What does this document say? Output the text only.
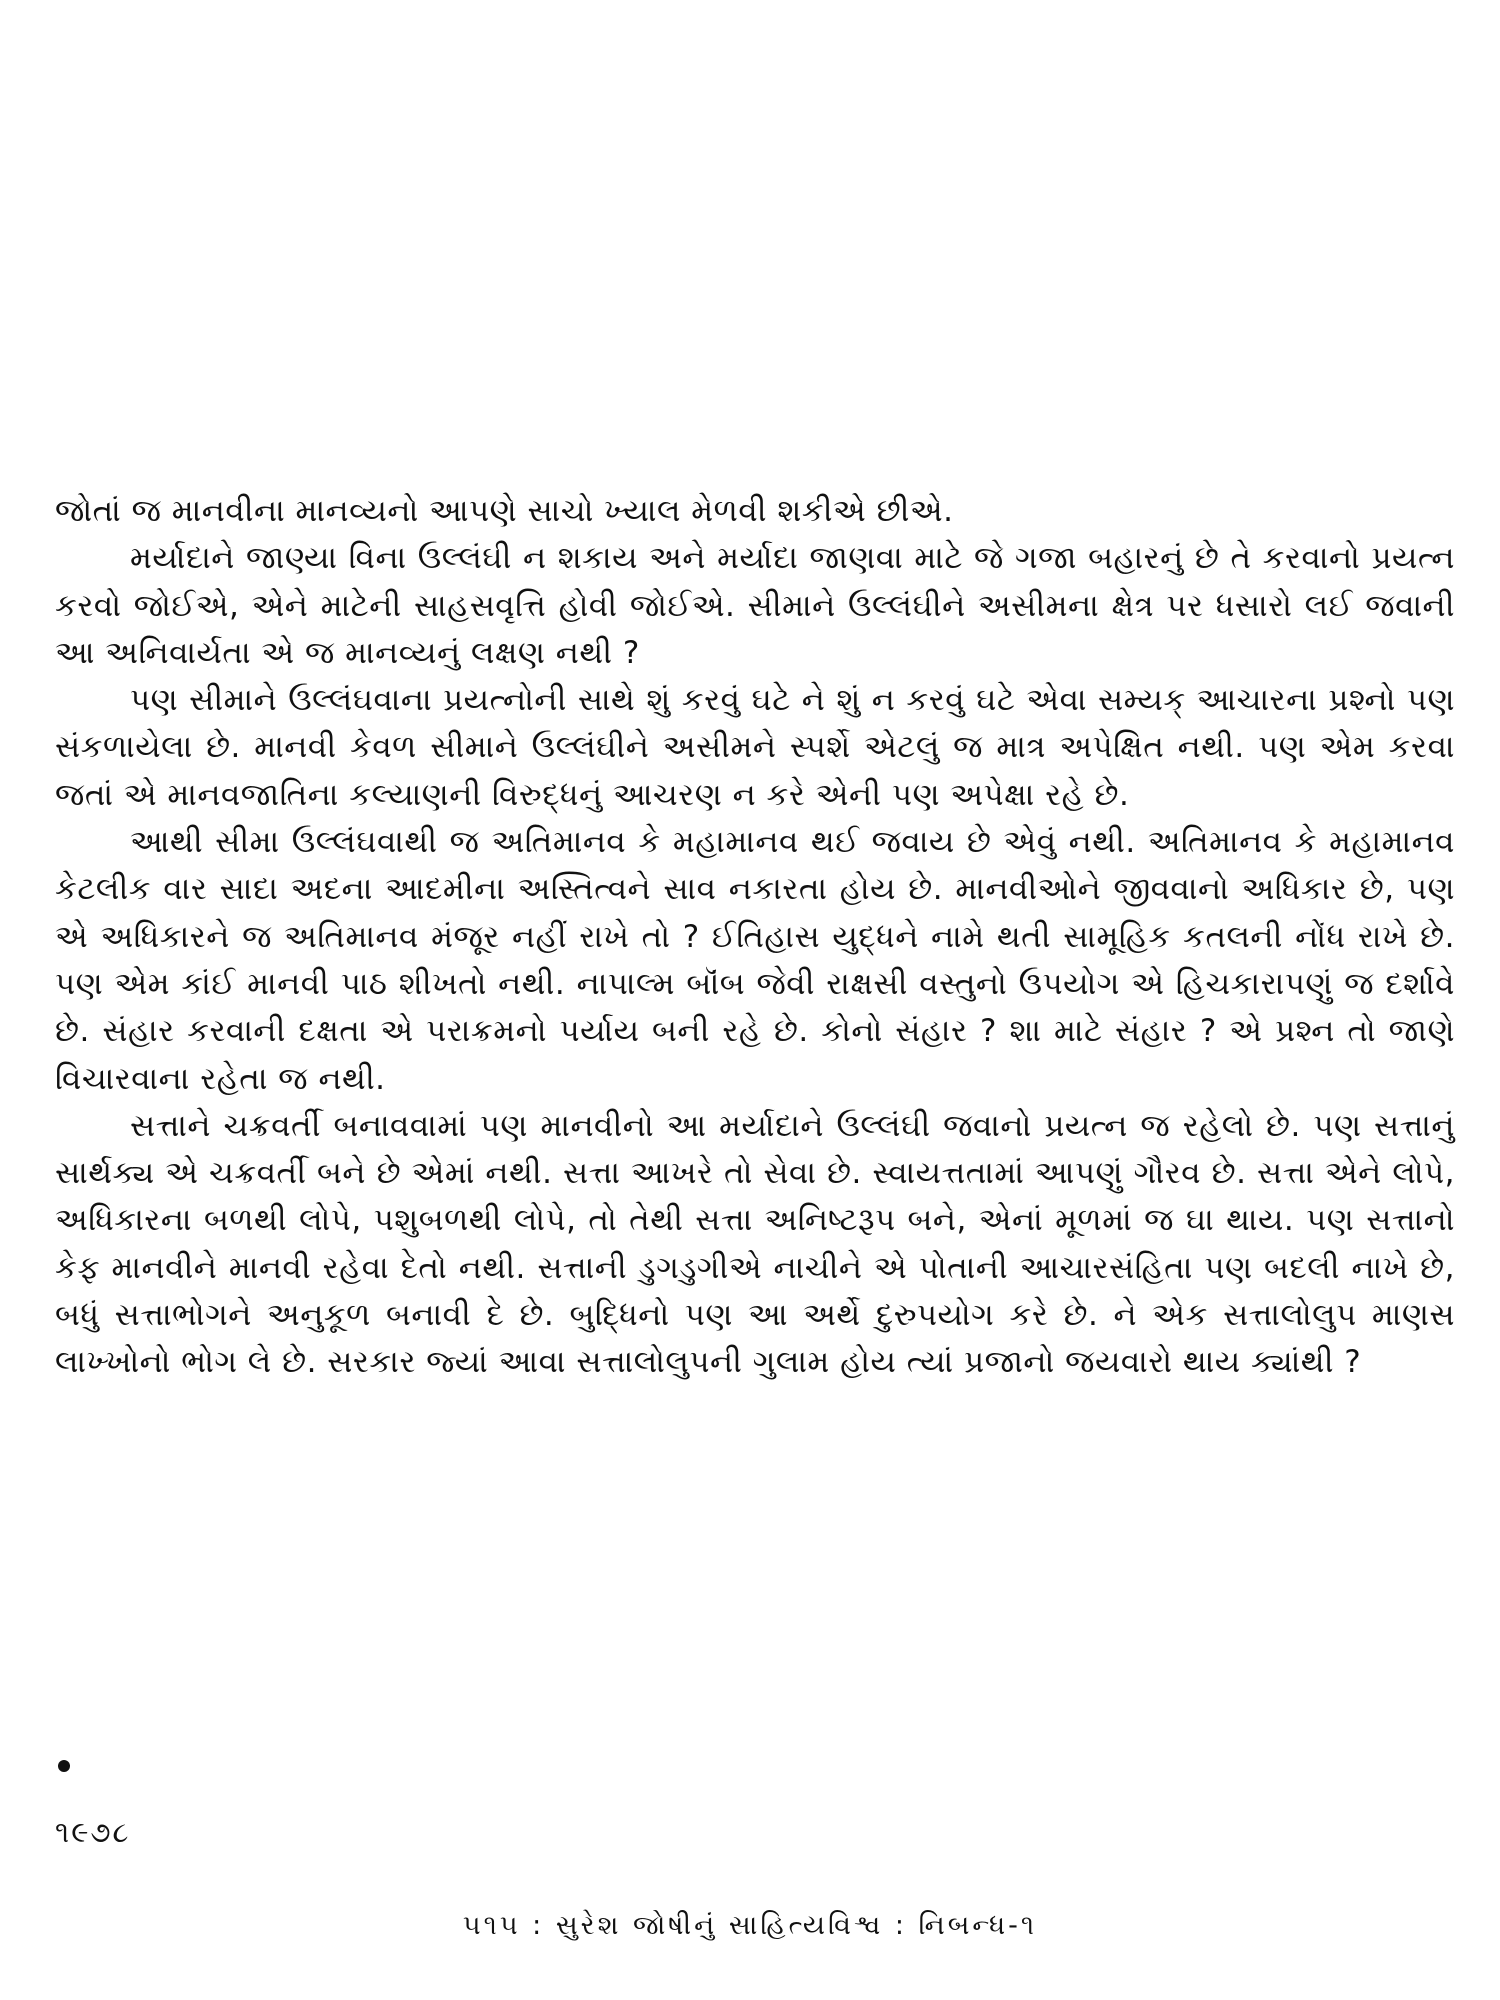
જોતાં જ માનવીના માનવ્યનો આપણે સાચો ખ્યાલ મેળવી શકીએ છીએ.

મર્યાદાને જાણ્યા વિના ઉલ્લંઘી ન શકાય અને મર્યાદા જાણવા માટે જે ગજા બહારનું છે તે કરવાનો પ્રયત્ન કરવો જોઈએ, એને માટેની સાહસવૃત્તિ હોવી જોઈએ. સીમાને ઉલ્લંઘીને અસીમના ક્ષેત્ર પર ધસારો લઈ જવાની આ અનિવાર્યતા એ જ માનવ્યનું લક્ષણ નથી ?

પણ સીમાને ઉલ્લંઘવાના પ્રયત્નોની સાથે શું કરવું ઘટે ને શું ન કરવું ઘટે એવા સમ્યક્ આચારના પ્રશ્નો પણ સંકળાયેલા છે. માનવી કેવળ સીમાને ઉલ્લંઘીને અસીમને સ્પર્શે એટલું જ માત્ર અપેક્ષિત નથી. પણ એમ કરવા જતાં એ માનવજાતિના કલ્યાણની વિરુદ્ધનું આચરણ ન કરે એની પણ અપેક્ષા રહે છે.

આથી સીમા ઉલ્લંઘવાથી જ અતિમાનવ કે મહામાનવ થઈ જવાય છે એવું નથી. અતિમાનવ કે મહામાનવ કેટલીક વાર સાદા અદના આદમીના અસ્તિત્વને સાવ નકારતા હોય છે. માનવીઓને જીવવાનો અધિકાર છે, પણ એ અધિકારને જ અતિમાનવ મંજૂર નહીં રાખે તો ? ઈતિહાસ યુદ્ધને નામે થતી સામૂહિક કતલની નોંધ રાખે છે. પણ એમ કાંઈ માનવી પાઠ શીખતો નથી. નાપાલ્મ બૉંબ જેવી રાક્ષસી વસ્તુનો ઉપયોગ એ હિચકારાપણું જ દર્શાવે છે. સંહાર કરવાની દક્ષતા એ પરાક્રમનો પર્યાય બની રહે છે. કોનો સંહાર ? શા માટે સંહાર ? એ પ્રશ્ન તો જાણે વિચારવાના રહેતા જ નથી.

સત્તાને ચક્રવર્તી બનાવવામાં પણ માનવીનો આ મર્યાદાને ઉલ્લંઘી જવાનો પ્રયત્ન જ રહેલો છે. પણ સત્તાનું સાર્થક્ય એ ચક્રવર્તી બને છે એમાં નથી. સત્તા આખરે તો સેવા છે. સ્વાયત્તતામાં આપણું ગૌરવ છે. સત્તા એને લોપે, અધિકારના બળથી લોપે, પશુબળથી લોપે, તો તેથી સત્તા અનિષ્ટરૂપ બને, એનાં મૂળમાં જ ઘા થાય. પણ સત્તાનો કેફ માનવીને માનવી રહેવા દેતો નથી. સત્તાની ડુગડુગીએ નાચીને એ પોતાની આચારસંહિતા પણ બદલી નાખે છે, બધું સત્તાભોગને અનુકૂળ બનાવી દે છે. બુદ્ધિનો પણ આ અર્થે દુરુપયોગ કરે છે. ને એક સત્તાલોલુપ માણસ લાખ્ખોનો ભોગ લે છે. સરકાર જ્યાં આવા સત્તાલોલુપની ગુલામ હોય ત્યાં પ્રજાનો જયવારો થાય ક્યાંથી ?

૧૯૭૮
૫૧૫ : સુરેશ જોષીનું સાહિત્યવિશ્વ : નિબન્ધ-૧
